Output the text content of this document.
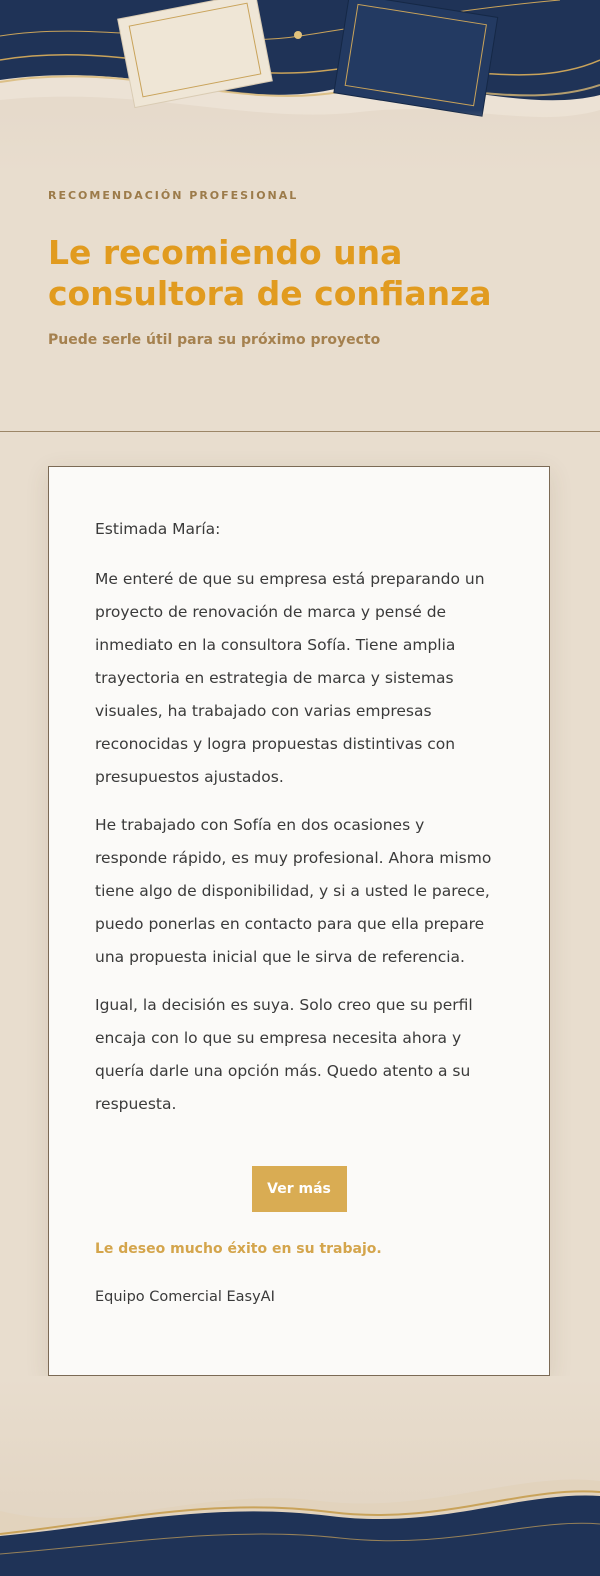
RECOMENDACIÓN PROFESIONAL

Le recomiendo una consultora de confianza

Puede serle útil para su próximo proyecto

Estimada María:

Me enteré de que su empresa está preparando un proyecto de renovación de marca y pensé de inmediato en la consultora Sofía. Tiene amplia trayectoria en estrategia de marca y sistemas visuales, ha trabajado con varias empresas reconocidas y logra propuestas distintivas con presupuestos ajustados.

He trabajado con Sofía en dos ocasiones y responde rápido, es muy profesional. Ahora mismo tiene algo de disponibilidad, y si a usted le parece, puedo ponerlas en contacto para que ella prepare una propuesta inicial que le sirva de referencia.

Igual, la decisión es suya. Solo creo que su perfil encaja con lo que su empresa necesita ahora y quería darle una opción más. Quedo atento a su respuesta.

Ver más
Le deseo mucho éxito en su trabajo.
Equipo Comercial EasyAI
